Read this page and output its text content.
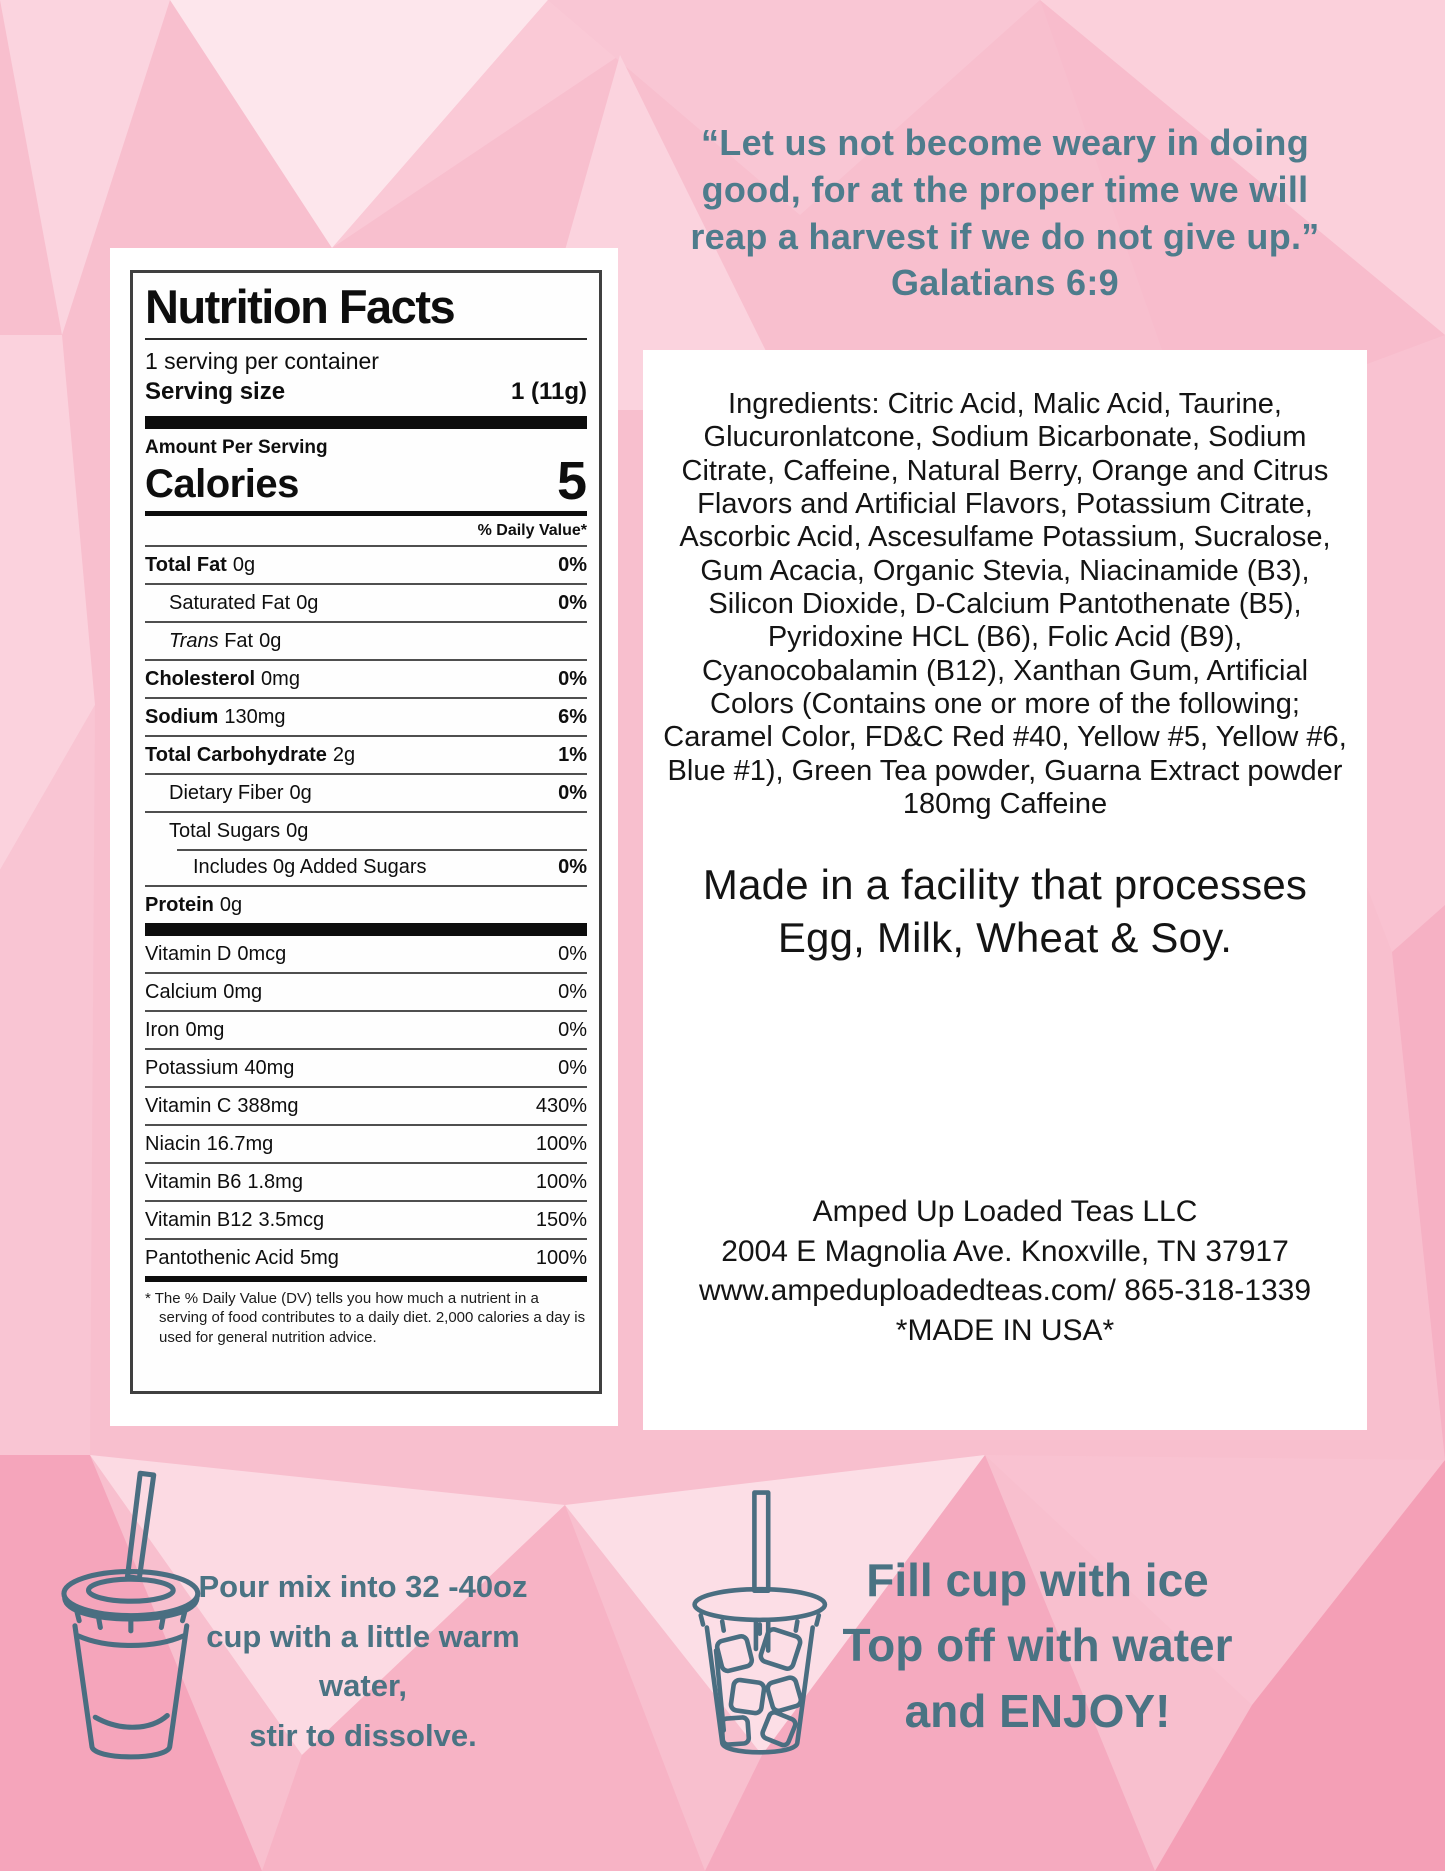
Nutrition Facts
1 serving per container
Serving size	1 (11g)
Amount Per Serving
Calories	5
% Daily Value*
Total Fat 0g	0%
Saturated Fat 0g	0%
Trans Fat 0g
Cholesterol 0mg	0%
Sodium 130mg	6%
Total Carbohydrate 2g	1%
Dietary Fiber 0g	0%
Total Sugars 0g
Includes 0g Added Sugars	0%
Protein 0g
Vitamin D 0mcg	0%
Calcium 0mg	0%
Iron 0mg	0%
Potassium 40mg	0%
Vitamin C 388mg	430%
Niacin 16.7mg	100%
Vitamin B6 1.8mg	100%
Vitamin B12 3.5mcg	150%
Pantothenic Acid 5mg	100%
* The % Daily Value (DV) tells you how much a nutrient in a serving of food contributes to a daily diet. 2,000 calories a day is used for general nutrition advice.
“Let us not become weary in doing
good, for at the proper time we will
reap a harvest if we do not give up.”
Galatians 6:9
Ingredients: Citric Acid, Malic Acid, Taurine, Glucuronlatcone, Sodium Bicarbonate, Sodium Citrate, Caffeine, Natural Berry, Orange and Citrus Flavors and Artificial Flavors, Potassium Citrate, Ascorbic Acid, Ascesulfame Potassium, Sucralose, Gum Acacia, Organic Stevia, Niacinamide (B3), Silicon Dioxide, D-Calcium Pantothenate (B5), Pyridoxine HCL (B6), Folic Acid (B9), Cyanocobalamin (B12), Xanthan Gum, Artificial Colors (Contains one or more of the following; Caramel Color, FD&C Red #40, Yellow #5, Yellow #6, Blue #1), Green Tea powder, Guarna Extract powder
180mg Caffeine
Made in a facility that processes
Egg, Milk, Wheat & Soy.
Amped Up Loaded Teas LLC
2004 E Magnolia Ave. Knoxville, TN 37917
www.ampeduploadedteas.com/ 865-318-1339
*MADE IN USA*
Pour mix into 32 -40oz
cup with a little warm
water,
stir to dissolve.
Fill cup with ice
Top off with water
and ENJOY!
